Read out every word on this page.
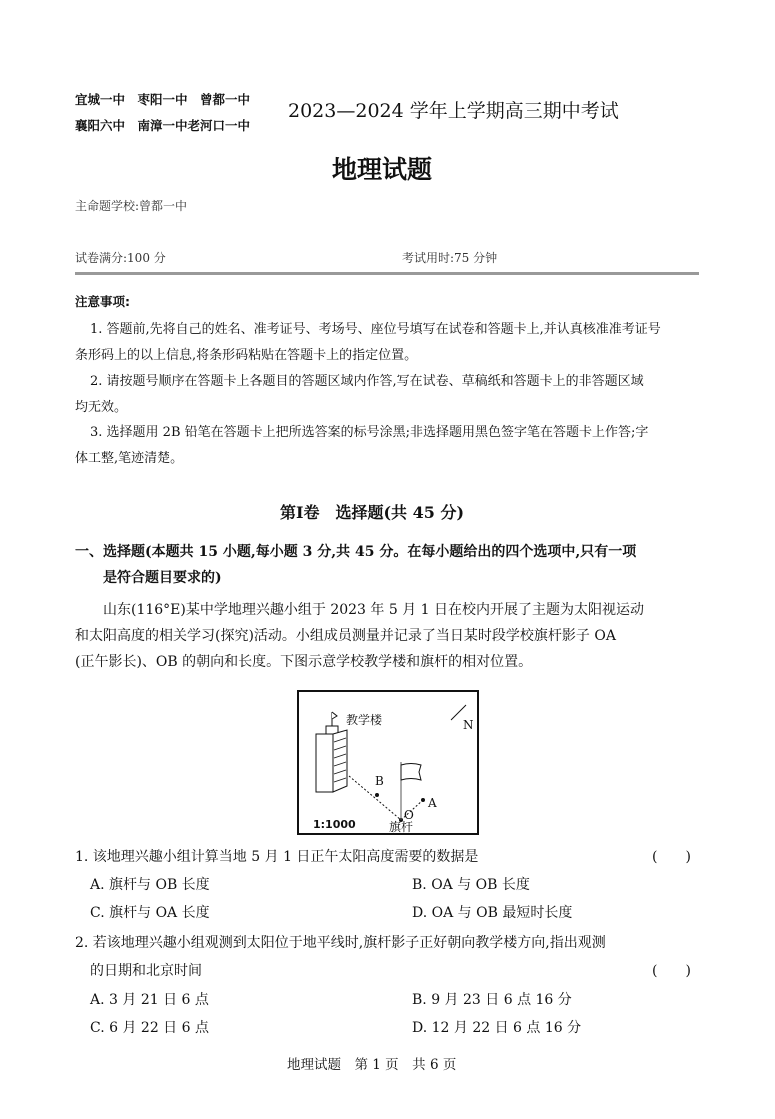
宜城一中　枣阳一中　曾都一中
襄阳六中　南漳一中老河口一中
2023—2024 学年上学期高三期中考试
地理试题
主命题学校:曾都一中
试卷满分:100 分	考试用时:75 分钟
注意事项:
1. 答题前,先将自己的姓名、准考证号、考场号、座位号填写在试卷和答题卡上,并认真核准准考证号
条形码上的以上信息,将条形码粘贴在答题卡上的指定位置。
2. 请按题号顺序在答题卡上各题目的答题区域内作答,写在试卷、草稿纸和答题卡上的非答题区域
均无效。
3. 选择题用 2B 铅笔在答题卡上把所选答案的标号涂黑;非选择题用黑色签字笔在答题卡上作答;字
体工整,笔迹清楚。
第Ⅰ卷　选择题(共 45 分)
一、选择题(本题共 15 小题,每小题 3 分,共 45 分。在每小题给出的四个选项中,只有一项
是符合题目要求的)
山东(116°E)某中学地理兴趣小组于 2023 年 5 月 1 日在校内开展了主题为太阳视运动
和太阳高度的相关学习(探究)活动。小组成员测量并记录了当日某时段学校旗杆影子 OA
(正午影长)、OB 的朝向和长度。下图示意学校教学楼和旗杆的相对位置。
教学楼	N
B
A
O
旗杆
1:1000
1. 该地理兴趣小组计算当地 5 月 1 日正午太阳高度需要的数据是	(　　)
A. 旗杆与 OB 长度	B. OA 与 OB 长度
C. 旗杆与 OA 长度	D. OA 与 OB 最短时长度
2. 若该地理兴趣小组观测到太阳位于地平线时,旗杆影子正好朝向教学楼方向,指出观测
的日期和北京时间	(　　)
A. 3 月 21 日 6 点	B. 9 月 23 日 6 点 16 分
C. 6 月 22 日 6 点	D. 12 月 22 日 6 点 16 分
地理试题　第 1 页　共 6 页
